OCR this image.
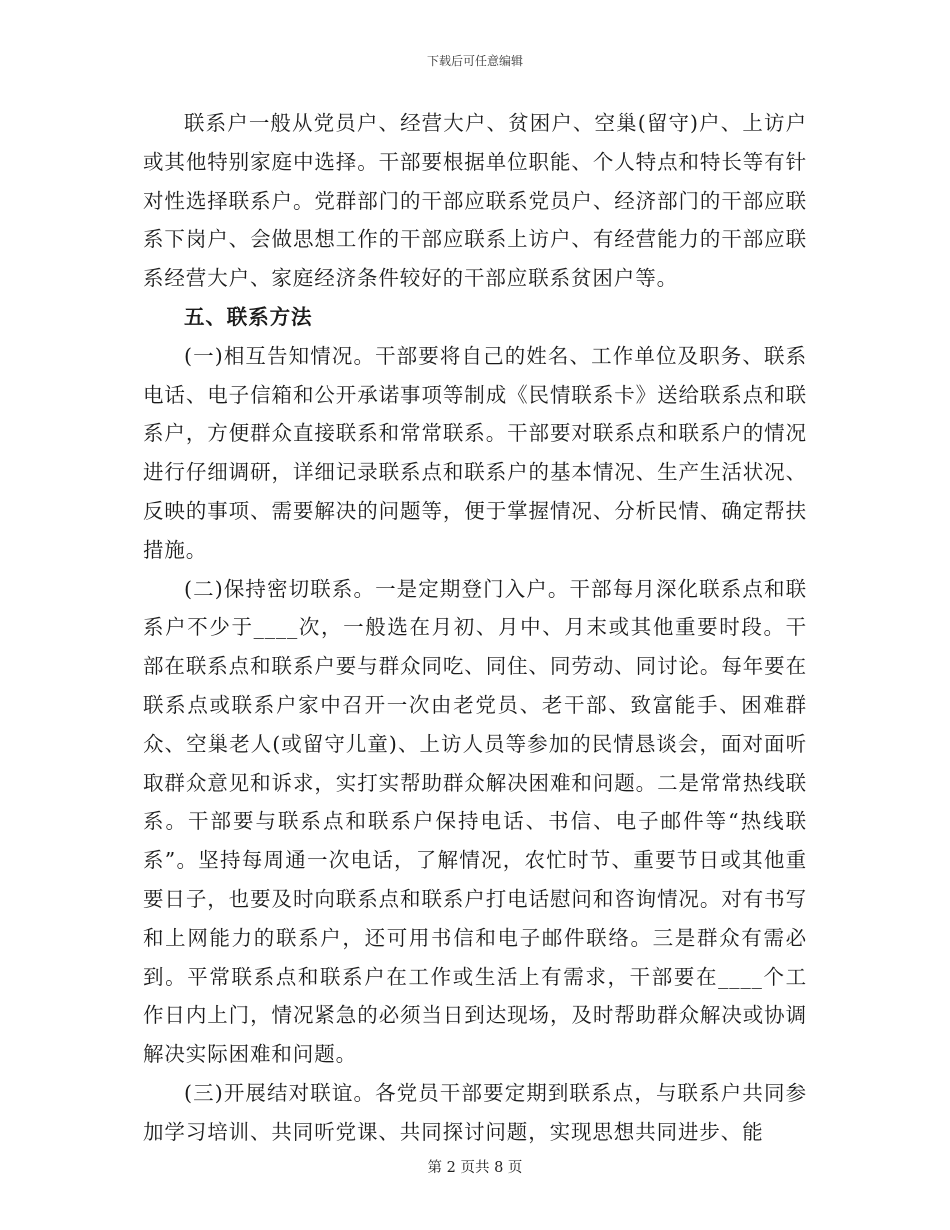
下载后可任意编辑

联系户一般从党员户、经营大户、贫困户、空巢(留守)户、上访户或其他特别家庭中选择。干部要根据单位职能、个人特点和特长等有针对性选择联系户。党群部门的干部应联系党员户、经济部门的干部应联系下岗户、会做思想工作的干部应联系上访户、有经营能力的干部应联系经营大户、家庭经济条件较好的干部应联系贫困户等。

五、联系方法

(一)相互告知情况。干部要将自己的姓名、工作单位及职务、联系电话、电子信箱和公开承诺事项等制成《民情联系卡》送给联系点和联系户，方便群众直接联系和常常联系。干部要对联系点和联系户的情况进行仔细调研，详细记录联系点和联系户的基本情况、生产生活状况、反映的事项、需要解决的问题等，便于掌握情况、分析民情、确定帮扶措施。

(二)保持密切联系。一是定期登门入户。干部每月深化联系点和联系户不少于____次，一般选在月初、月中、月末或其他重要时段。干部在联系点和联系户要与群众同吃、同住、同劳动、同讨论。每年要在联系点或联系户家中召开一次由老党员、老干部、致富能手、困难群众、空巢老人(或留守儿童)、上访人员等参加的民情恳谈会，面对面听取群众意见和诉求，实打实帮助群众解决困难和问题。二是常常热线联系。干部要与联系点和联系户保持电话、书信、电子邮件等“热线联系”。坚持每周通一次电话，了解情况，农忙时节、重要节日或其他重要日子，也要及时向联系点和联系户打电话慰问和咨询情况。对有书写和上网能力的联系户，还可用书信和电子邮件联络。三是群众有需必到。平常联系点和联系户在工作或生活上有需求，干部要在____个工作日内上门，情况紧急的必须当日到达现场，及时帮助群众解决或协调解决实际困难和问题。

(三)开展结对联谊。各党员干部要定期到联系点，与联系户共同参加学习培训、共同听党课、共同探讨问题，实现思想共同进步、能

第 2 页共 8 页
